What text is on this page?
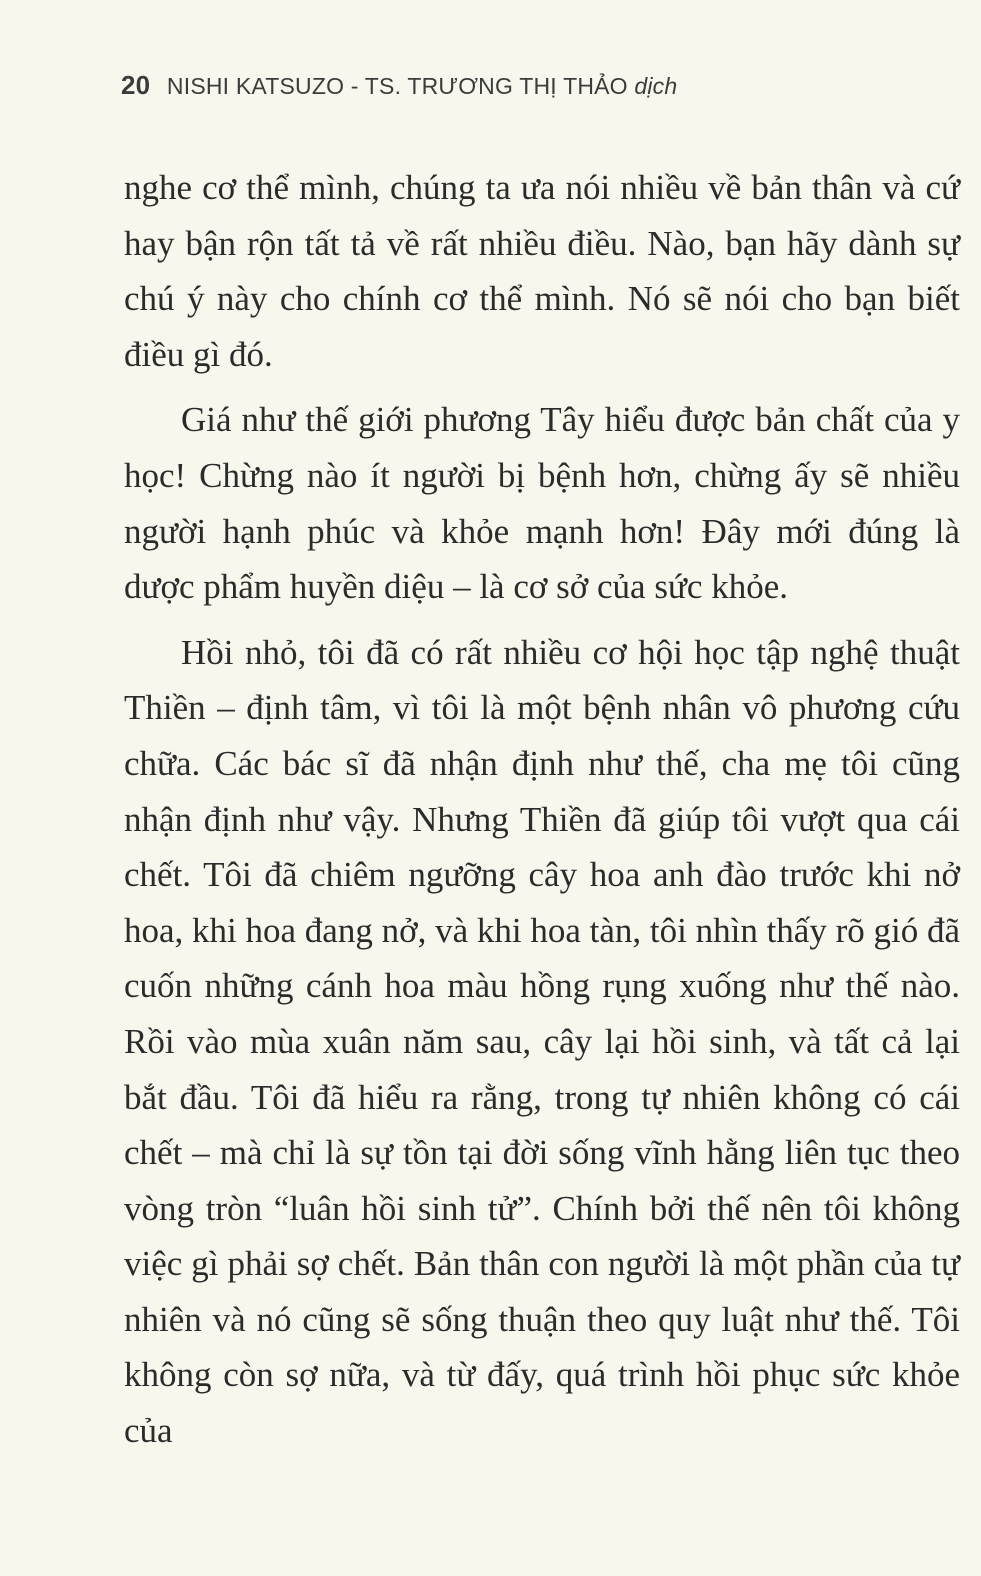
20 NISHI KATSUZO - TS. TRƯƠNG THỊ THẢO dịch

nghe cơ thể mình, chúng ta ưa nói nhiều về bản thân và cứ hay bận rộn tất tả về rất nhiều điều. Nào, bạn hãy dành sự chú ý này cho chính cơ thể mình. Nó sẽ nói cho bạn biết điều gì đó.

Giá như thế giới phương Tây hiểu được bản chất của y học! Chừng nào ít người bị bệnh hơn, chừng ấy sẽ nhiều người hạnh phúc và khỏe mạnh hơn! Đây mới đúng là dược phẩm huyền diệu – là cơ sở của sức khỏe.

Hồi nhỏ, tôi đã có rất nhiều cơ hội học tập nghệ thuật Thiền – định tâm, vì tôi là một bệnh nhân vô phương cứu chữa. Các bác sĩ đã nhận định như thế, cha mẹ tôi cũng nhận định như vậy. Nhưng Thiền đã giúp tôi vượt qua cái chết. Tôi đã chiêm ngưỡng cây hoa anh đào trước khi nở hoa, khi hoa đang nở, và khi hoa tàn, tôi nhìn thấy rõ gió đã cuốn những cánh hoa màu hồng rụng xuống như thế nào. Rồi vào mùa xuân năm sau, cây lại hồi sinh, và tất cả lại bắt đầu. Tôi đã hiểu ra rằng, trong tự nhiên không có cái chết – mà chỉ là sự tồn tại đời sống vĩnh hằng liên tục theo vòng tròn “luân hồi sinh tử”. Chính bởi thế nên tôi không việc gì phải sợ chết. Bản thân con người là một phần của tự nhiên và nó cũng sẽ sống thuận theo quy luật như thế. Tôi không còn sợ nữa, và từ đấy, quá trình hồi phục sức khỏe của
